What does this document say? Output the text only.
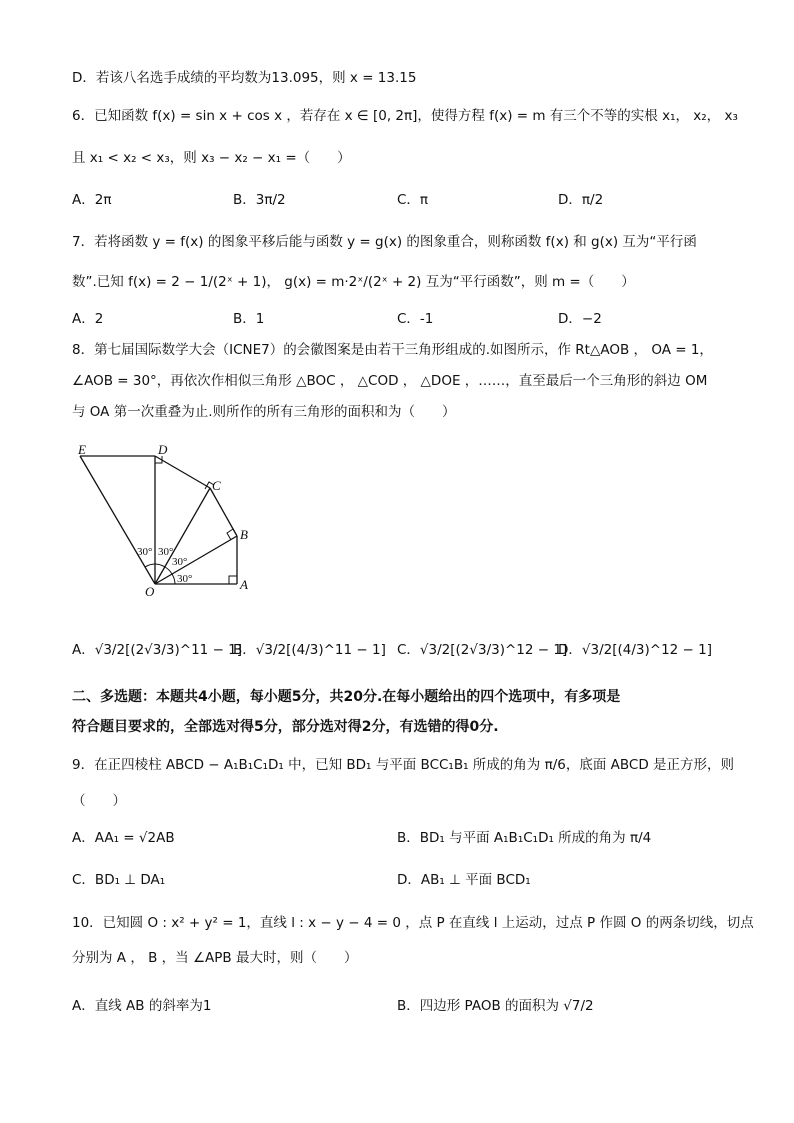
D．若该八名选手成绩的平均数为13.095，则 x = 13.15
6．已知函数 f(x) = sin x + cos x ，若存在 x ∈ [0, 2π]，使得方程 f(x) = m 有三个不等的实根 x₁， x₂， x₃
且 x₁ < x₂ < x₃，则 x₃ − x₂ − x₁ =（　　）
A．2π	B．3π/2	C．π	D．π/2
7．若将函数 y = f(x) 的图象平移后能与函数 y = g(x) 的图象重合，则称函数 f(x) 和 g(x) 互为“平行函
数”.已知 f(x) = 2 − 1/(2ˣ + 1)， g(x) = m·2ˣ/(2ˣ + 2) 互为“平行函数”，则 m =（　　）
A．2	B．1	C．-1	D．−2
8．第七届国际数学大会（ICNE7）的会徽图案是由若干三角形组成的.如图所示，作 Rt△AOB ， OA = 1，
∠AOB = 30°，再依次作相似三角形 △BOC ， △COD ， △DOE ，……，直至最后一个三角形的斜边 OM
与 OA 第一次重叠为止.则所作的所有三角形的面积和为（　　）
E	D
C
B
A
O
30° 30°
30°
30°
A．√3/2[(2√3/3)^11 − 1]
B．√3/2[(4/3)^11 − 1] C．√3/2[(2√3/3)^12 − 1]
D．√3/2[(4/3)^12 − 1]
二、多选题：本题共4小题，每小题5分，共20分.在每小题给出的四个选项中，有多项是
符合题目要求的，全部选对得5分，部分选对得2分，有选错的得0分.
9．在正四棱柱 ABCD − A₁B₁C₁D₁ 中，已知 BD₁ 与平面 BCC₁B₁ 所成的角为 π/6，底面 ABCD 是正方形，则
（　　）
A．AA₁ = √2AB	B．BD₁ 与平面 A₁B₁C₁D₁ 所成的角为 π/4
C．BD₁ ⊥ DA₁	D．AB₁ ⊥ 平面 BCD₁
10．已知圆 O : x² + y² = 1，直线 l : x − y − 4 = 0 ，点 P 在直线 l 上运动，过点 P 作圆 O 的两条切线，切点
分别为 A ， B ，当 ∠APB 最大时，则（　　）
A．直线 AB 的斜率为1	B．四边形 PAOB 的面积为 √7/2
